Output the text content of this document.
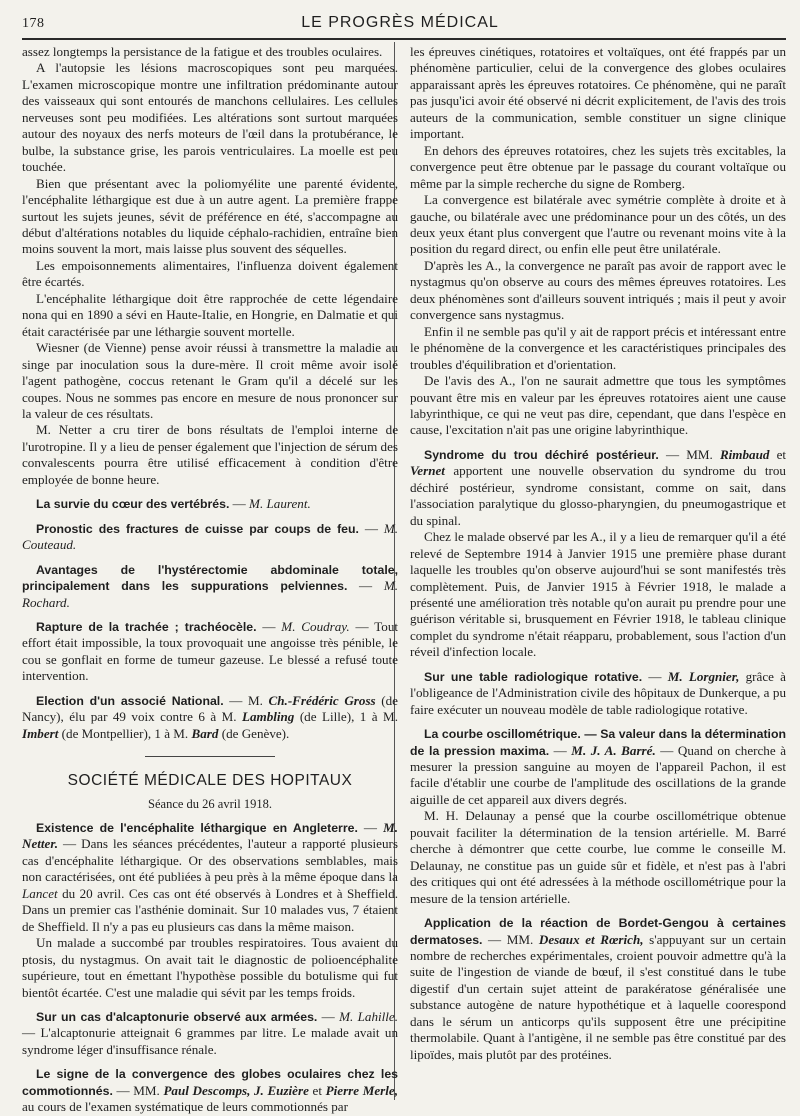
178	LE PROGRÈS MÉDICAL

assez longtemps la persistance de la fatigue et des troubles oculaires.

A l'autopsie les lésions macroscopiques sont peu marquées. L'examen microscopique montre une infiltration prédominante autour des vaisseaux qui sont entourés de manchons cellulaires. Les cellules nerveuses sont peu modifiées. Les altérations sont surtout marquées autour des noyaux des nerfs moteurs de l'œil dans la protubérance, le bulbe, la substance grise, les parois ventriculaires. La moelle est peu touchée.

Bien que présentant avec la poliomyélite une parenté évidente, l'encéphalite léthargique est due à un autre agent. La première frappe surtout les sujets jeunes, sévit de préférence en été, s'accompagne au début d'altérations notables du liquide céphalo-rachidien, entraîne bien moins souvent la mort, mais laisse plus souvent des séquelles.

Les empoisonnements alimentaires, l'influenza doivent également être écartés.

L'encéphalite léthargique doit être rapprochée de cette légendaire nona qui en 1890 a sévi en Haute-Italie, en Hongrie, en Dalmatie et qui était caractérisée par une léthargie souvent mortelle.

Wiesner (de Vienne) pense avoir réussi à transmettre la maladie au singe par inoculation sous la dure-mère. Il croit même avoir isolé l'agent pathogène, coccus retenant le Gram qu'il a décelé sur les coupes. Nous ne sommes pas encore en mesure de nous prononcer sur la valeur de ces résultats.

M. Netter a cru tirer de bons résultats de l'emploi interne de l'urotropine. Il y a lieu de penser également que l'injection de sérum des convalescents pourra être utilisé efficacement à condition d'être employée de bonne heure.

La survie du cœur des vertébrés. — M. Laurent.

Pronostic des fractures de cuisse par coups de feu. — M. Couteaud.

Avantages de l'hystérectomie abdominale totale, principalement dans les suppurations pelviennes. — M. Rochard.

Rapture de la trachée ; trachéocèle. — M. Coudray. — Tout effort était impossible, la toux provoquait une angoisse très pénible, le cou se gonflait en forme de tumeur gazeuse. Le blessé a refusé toute intervention.

Election d'un associé National. — M. Ch.-Frédéric Gross (de Nancy), élu par 49 voix contre 6 à M. Lambling (de Lille), 1 à M. Imbert (de Montpellier), 1 à M. Bard (de Genève).

SOCIÉTÉ MÉDICALE DES HOPITAUX
Séance du 26 avril 1918.

Existence de l'encéphalite léthargique en Angleterre. — M. Netter. — Dans les séances précédentes, l'auteur a rapporté plusieurs cas d'encéphalite léthargique. Or des observations semblables, mais non caractérisées, ont été publiées à peu près à la même époque dans la Lancet du 20 avril. Ces cas ont été observés à Londres et à Sheffield. Dans un premier cas l'asthénie dominait. Sur 10 malades vus, 7 étaient de Sheffield. Il n'y a pas eu plusieurs cas dans la même maison.

Un malade a succombé par troubles respiratoires. Tous avaient du ptosis, du nystagmus. On avait tait le diagnostic de polioencéphalite supérieure, tout en émettant l'hypothèse possible du botulisme qui fut bientôt écartée. C'est une maladie qui sévit par les temps froids.

Sur un cas d'alcaptonurie observé aux armées. — M. Lahille. — L'alcaptonurie atteignait 6 grammes par litre. Le malade avait un syndrome léger d'insuffisance rénale.

Le signe de la convergence des globes oculaires chez les commotionnés. — MM. Paul Descomps, J. Euzière et Pierre Merle, au cours de l'examen systématique de leurs commotionnés par

les épreuves cinétiques, rotatoires et voltaïques, ont été frappés par un phénomène particulier, celui de la convergence des globes oculaires apparaissant après les épreuves rotatoires. Ce phénomène, qui ne paraît pas jusqu'ici avoir été observé ni décrit explicitement, de l'avis des trois auteurs de la communication, semble constituer un signe clinique important.

En dehors des épreuves rotatoires, chez les sujets très excitables, la convergence peut être obtenue par le passage du courant voltaïque ou même par la simple recherche du signe de Romberg.

La convergence est bilatérale avec symétrie complète à droite et à gauche, ou bilatérale avec une prédominance pour un des côtés, un des deux yeux étant plus convergent que l'autre ou revenant moins vite à la position du regard direct, ou enfin elle peut être unilatérale.

D'après les A., la convergence ne paraît pas avoir de rapport avec le nystagmus qu'on observe au cours des mêmes épreuves rotatoires. Les deux phénomènes sont d'ailleurs souvent intriqués ; mais il peut y avoir convergence sans nystagmus.

Enfin il ne semble pas qu'il y ait de rapport précis et intéressant entre le phénomène de la convergence et les caractéristiques principales des troubles d'équilibration et d'orientation.

De l'avis des A., l'on ne saurait admettre que tous les symptômes pouvant être mis en valeur par les épreuves rotatoires aient une cause labyrinthique, ce qui ne veut pas dire, cependant, que dans l'espèce en cause, l'excitation n'ait pas une origine labyrinthique.

Syndrome du trou déchiré postérieur. — MM. Rimbaud et Vernet apportent une nouvelle observation du syndrome du trou déchiré postérieur, syndrome consistant, comme on sait, dans l'association paralytique du glosso-pharyngien, du pneumogastrique et du spinal.

Chez le malade observé par les A., il y a lieu de remarquer qu'il a été relevé de Septembre 1914 à Janvier 1915 une première phase durant laquelle les troubles qu'on observe aujourd'hui se sont manifestés très complètement. Puis, de Janvier 1915 à Février 1918, le malade a présenté une amélioration très notable qu'on aurait pu prendre pour une guérison véritable si, brusquement en Février 1918, le tableau clinique complet du syndrome n'était réapparu, probablement, sous l'action d'un réveil d'infection locale.

Sur une table radiologique rotative. — M. Lorgnier, grâce à l'obligeance de l'Administration civile des hôpitaux de Dunkerque, a pu faire exécuter un nouveau modèle de table radiologique rotative.

La courbe oscillométrique. — Sa valeur dans la détermination de la pression maxima. — M. J. A. Barré. — Quand on cherche à mesurer la pression sanguine au moyen de l'appareil Pachon, il est facile d'établir une courbe de l'amplitude des oscillations de la grande aiguille de cet appareil aux divers degrés.

M. H. Delaunay a pensé que la courbe oscillométrique obtenue pouvait faciliter la détermination de la tension artérielle. M. Barré cherche à démontrer que cette courbe, lue comme le conseille M. Delaunay, ne constitue pas un guide sûr et fidèle, et n'est pas à l'abri des critiques qui ont été adressées à la méthode oscillométrique pour la mesure de la tension artérielle.

Application de la réaction de Bordet-Gengou à certaines dermatoses. — MM. Desaux et Rœrich, s'appuyant sur un certain nombre de recherches expérimentales, croient pouvoir admettre qu'à la suite de l'ingestion de viande de bœuf, il s'est constitué dans le tube digestif d'un certain sujet atteint de parakératose généralisée une substance autogène de nature hypothétique et à laquelle coorespond dans le sérum un anticorps qu'ils supposent être une précipitine thermolabile. Quant à l'antigène, il ne semble pas être constitué par des lipoïdes, mais plutôt par des protéines.
